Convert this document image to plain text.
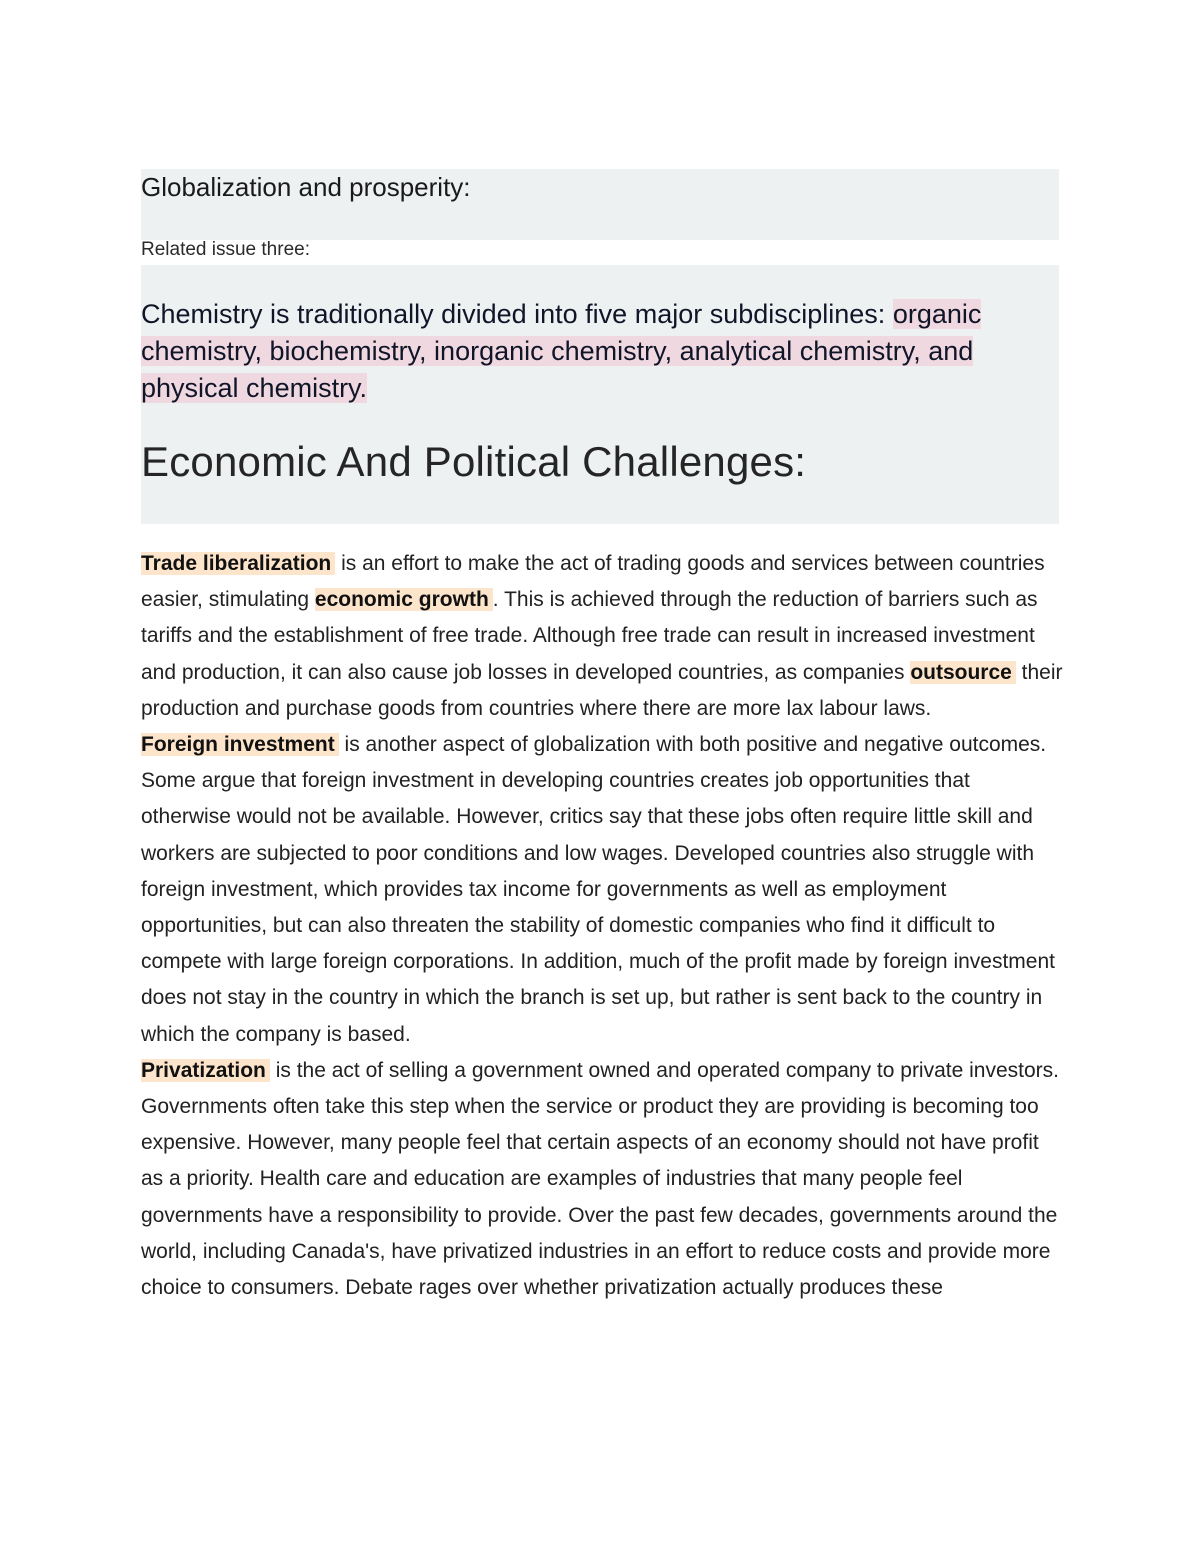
Globalization and prosperity:

Related issue three:

Chemistry is traditionally divided into five major subdisciplines: organic chemistry, biochemistry, inorganic chemistry, analytical chemistry, and physical chemistry.

Economic And Political Challenges:

Trade liberalization is an effort to make the act of trading goods and services between countries easier, stimulating economic growth . This is achieved through the reduction of barriers such as tariffs and the establishment of free trade. Although free trade can result in increased investment and production, it can also cause job losses in developed countries, as companies outsource their production and purchase goods from countries where there are more lax labour laws.

Foreign investment is another aspect of globalization with both positive and negative outcomes. Some argue that foreign investment in developing countries creates job opportunities that otherwise would not be available. However, critics say that these jobs often require little skill and workers are subjected to poor conditions and low wages. Developed countries also struggle with foreign investment, which provides tax income for governments as well as employment opportunities, but can also threaten the stability of domestic companies who find it difficult to compete with large foreign corporations. In addition, much of the profit made by foreign investment does not stay in the country in which the branch is set up, but rather is sent back to the country in which the company is based.

Privatization is the act of selling a government owned and operated company to private investors. Governments often take this step when the service or product they are providing is becoming too expensive. However, many people feel that certain aspects of an economy should not have profit as a priority. Health care and education are examples of industries that many people feel governments have a responsibility to provide. Over the past few decades, governments around the world, including Canada's, have privatized industries in an effort to reduce costs and provide more choice to consumers. Debate rages over whether privatization actually produces these
